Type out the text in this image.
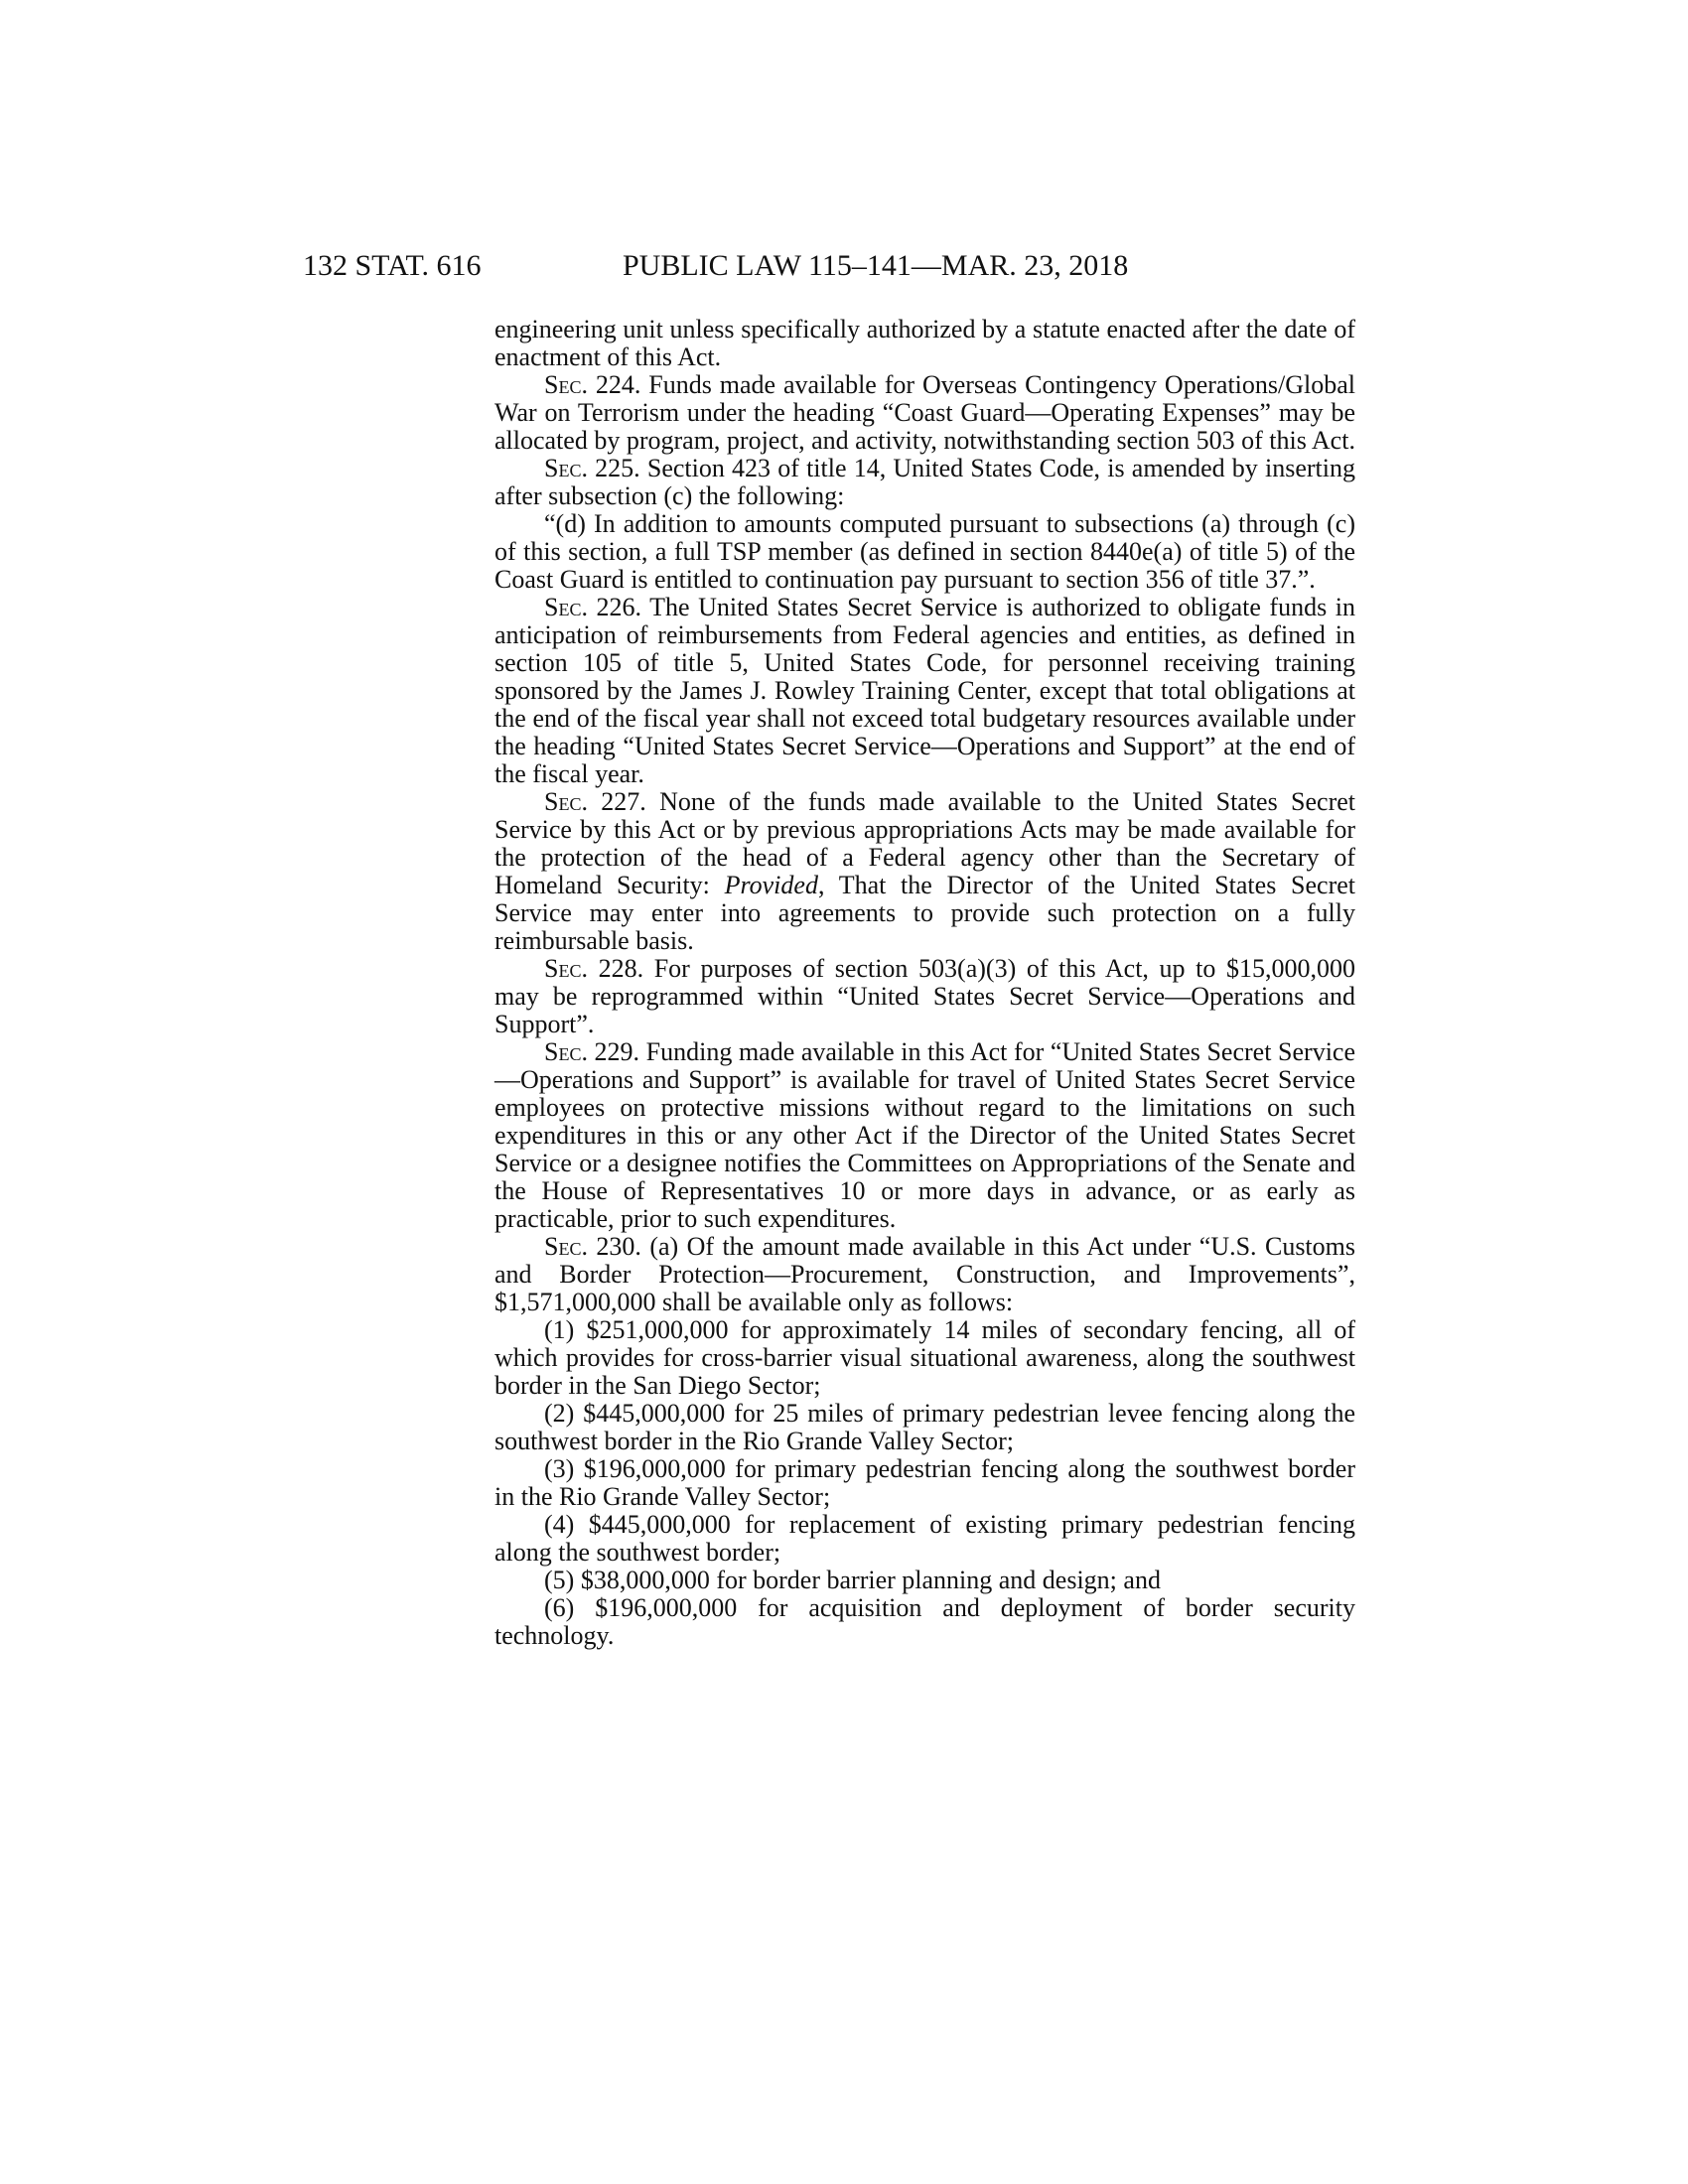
132 STAT. 616	PUBLIC LAW 115–141—MAR. 23, 2018

engineering unit unless specifically authorized by a statute enacted after the date of enactment of this Act.

Sec. 224. Funds made available for Overseas Contingency Operations/Global War on Terrorism under the heading “Coast Guard—Operating Expenses” may be allocated by program, project, and activity, notwithstanding section 503 of this Act.

Sec. 225. Section 423 of title 14, United States Code, is amended by inserting after subsection (c) the following:

“(d) In addition to amounts computed pursuant to subsections (a) through (c) of this section, a full TSP member (as defined in section 8440e(a) of title 5) of the Coast Guard is entitled to continuation pay pursuant to section 356 of title 37.”.

Sec. 226. The United States Secret Service is authorized to obligate funds in anticipation of reimbursements from Federal agencies and entities, as defined in section 105 of title 5, United States Code, for personnel receiving training sponsored by the James J. Rowley Training Center, except that total obligations at the end of the fiscal year shall not exceed total budgetary resources available under the heading “United States Secret Service—Operations and Support” at the end of the fiscal year.

Sec. 227. None of the funds made available to the United States Secret Service by this Act or by previous appropriations Acts may be made available for the protection of the head of a Federal agency other than the Secretary of Homeland Security: Provided, That the Director of the United States Secret Service may enter into agreements to provide such protection on a fully reimbursable basis.

Sec. 228. For purposes of section 503(a)(3) of this Act, up to $15,000,000 may be reprogrammed within “United States Secret Service—Operations and Support”.

Sec. 229. Funding made available in this Act for “United States Secret Service—Operations and Support” is available for travel of United States Secret Service employees on protective missions without regard to the limitations on such expenditures in this or any other Act if the Director of the United States Secret Service or a designee notifies the Committees on Appropriations of the Senate and the House of Representatives 10 or more days in advance, or as early as practicable, prior to such expenditures.

Sec. 230. (a) Of the amount made available in this Act under “U.S. Customs and Border Protection—Procurement, Construction, and Improvements”, $1,571,000,000 shall be available only as follows:

(1) $251,000,000 for approximately 14 miles of secondary fencing, all of which provides for cross-barrier visual situational awareness, along the southwest border in the San Diego Sector;

(2) $445,000,000 for 25 miles of primary pedestrian levee fencing along the southwest border in the Rio Grande Valley Sector;

(3) $196,000,000 for primary pedestrian fencing along the southwest border in the Rio Grande Valley Sector;

(4) $445,000,000 for replacement of existing primary pedestrian fencing along the southwest border;

(5) $38,000,000 for border barrier planning and design; and

(6) $196,000,000 for acquisition and deployment of border security technology.
